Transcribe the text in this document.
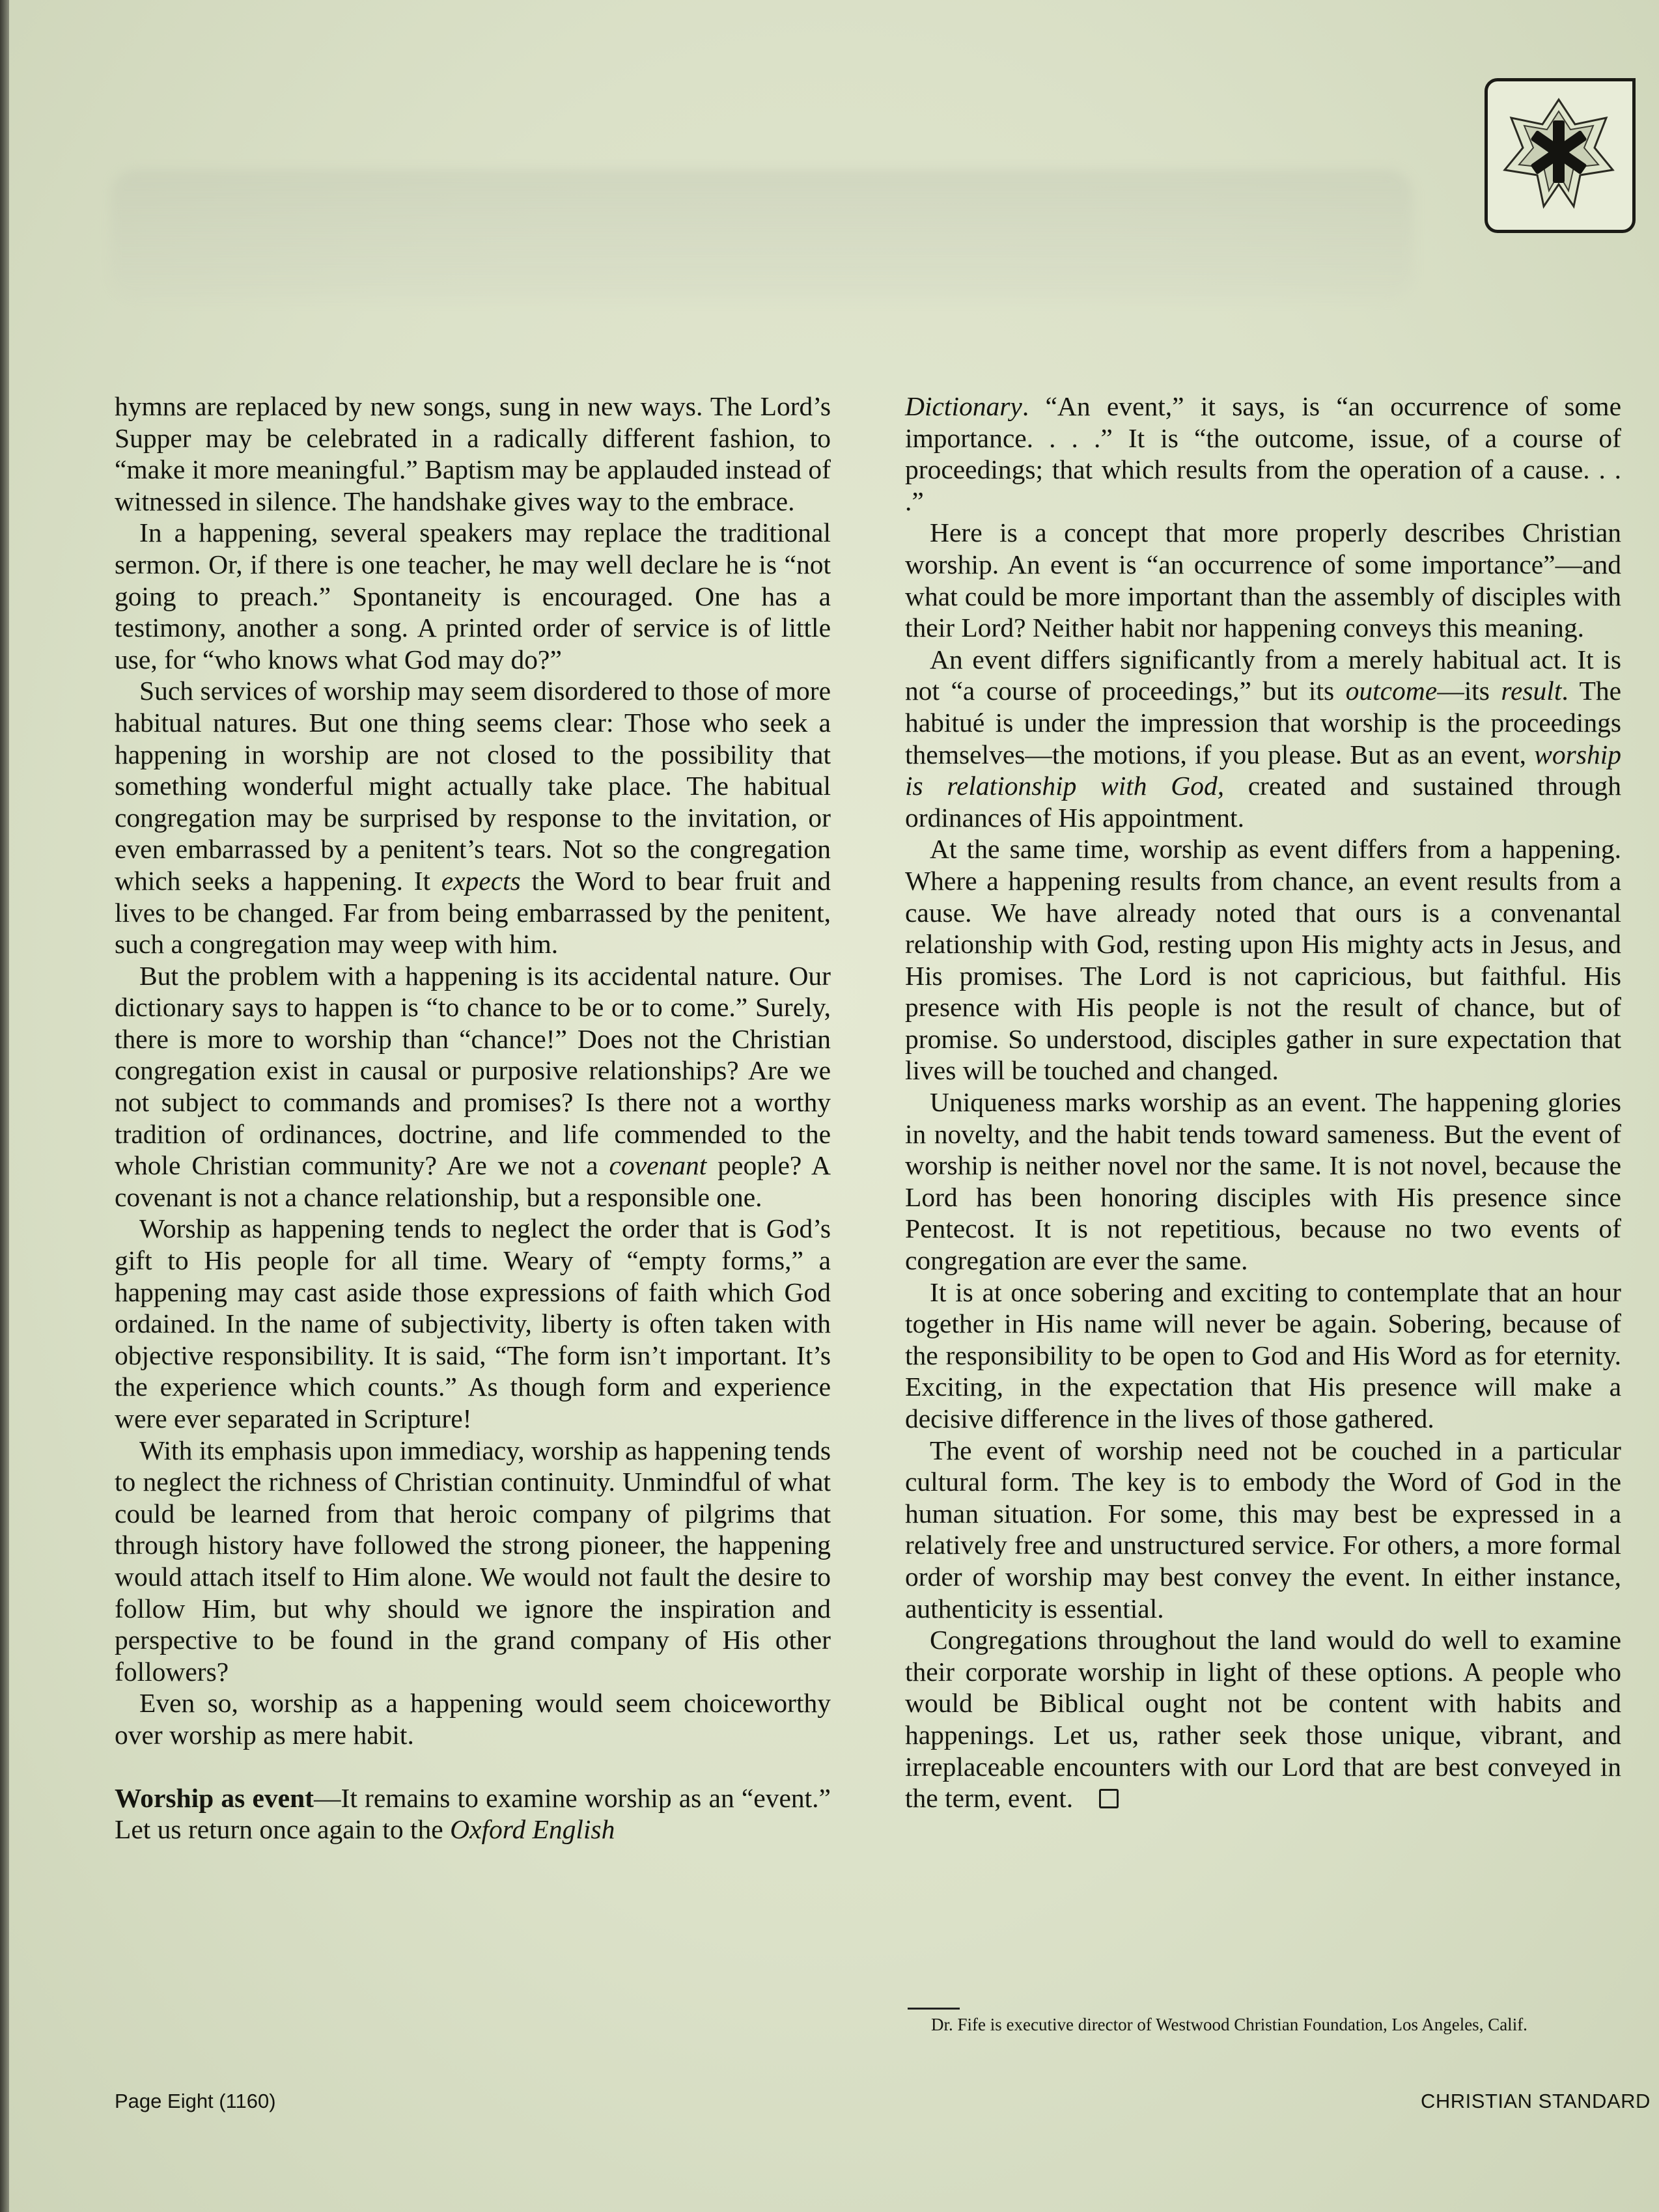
hymns are replaced by new songs, sung in new ways. The Lord’s Supper may be celebrated in a radically different fashion, to “make it more meaningful.” Baptism may be applauded instead of witnessed in silence. The handshake gives way to the embrace.

In a happening, several speakers may replace the traditional sermon. Or, if there is one teacher, he may well declare he is “not going to preach.” Spontaneity is encouraged. One has a testimony, another a song. A printed order of service is of little use, for “who knows what God may do?”

Such services of worship may seem disordered to those of more habitual natures. But one thing seems clear: Those who seek a happening in worship are not closed to the possibility that something wonderful might actually take place. The habitual congregation may be surprised by response to the invitation, or even embarrassed by a penitent’s tears. Not so the congregation which seeks a happening. It expects the Word to bear fruit and lives to be changed. Far from being embarrassed by the penitent, such a congregation may weep with him.

But the problem with a happening is its accidental nature. Our dictionary says to happen is “to chance to be or to come.” Surely, there is more to worship than “chance!” Does not the Christian congregation exist in causal or purposive relationships? Are we not subject to commands and promises? Is there not a worthy tradition of ordinances, doctrine, and life commended to the whole Christian community? Are we not a covenant people? A covenant is not a chance relationship, but a responsible one.

Worship as happening tends to neglect the order that is God’s gift to His people for all time. Weary of “empty forms,” a happening may cast aside those expressions of faith which God ordained. In the name of subjectivity, liberty is often taken with objective responsibility. It is said, “The form isn’t important. It’s the experience which counts.” As though form and experience were ever separated in Scripture!

With its emphasis upon immediacy, worship as happening tends to neglect the richness of Christian continuity. Unmindful of what could be learned from that heroic company of pilgrims that through history have followed the strong pioneer, the happening would attach itself to Him alone. We would not fault the desire to follow Him, but why should we ignore the inspiration and perspective to be found in the grand company of His other followers?

Even so, worship as a happening would seem choiceworthy over worship as mere habit.

Worship as event—It remains to examine worship as an “event.” Let us return once again to the Oxford English

Dictionary. “An event,” it says, is “an occurrence of some importance. . . .” It is “the outcome, issue, of a course of proceedings; that which results from the operation of a cause. . . .”

Here is a concept that more properly describes Christian worship. An event is “an occurrence of some importance”—and what could be more important than the assembly of disciples with their Lord? Neither habit nor happening conveys this meaning.

An event differs significantly from a merely habitual act. It is not “a course of proceedings,” but its outcome—its result. The habitué is under the impression that worship is the proceedings themselves—the motions, if you please. But as an event, worship is relationship with God, created and sustained through ordinances of His appointment.

At the same time, worship as event differs from a happening. Where a happening results from chance, an event results from a cause. We have already noted that ours is a convenantal relationship with God, resting upon His mighty acts in Jesus, and His promises. The Lord is not capricious, but faithful. His presence with His people is not the result of chance, but of promise. So understood, disciples gather in sure expectation that lives will be touched and changed.

Uniqueness marks worship as an event. The happening glories in novelty, and the habit tends toward sameness. But the event of worship is neither novel nor the same. It is not novel, because the Lord has been honoring disciples with His presence since Pentecost. It is not repetitious, because no two events of congregation are ever the same.

It is at once sobering and exciting to contemplate that an hour together in His name will never be again. Sobering, because of the responsibility to be open to God and His Word as for eternity. Exciting, in the expectation that His presence will make a decisive difference in the lives of those gathered.

The event of worship need not be couched in a particular cultural form. The key is to embody the Word of God in the human situation. For some, this may best be expressed in a relatively free and unstructured service. For others, a more formal order of worship may best convey the event. In either instance, authenticity is essential.

Congregations throughout the land would do well to examine their corporate worship in light of these options. A people who would be Biblical ought not be content with habits and happenings. Let us, rather seek those unique, vibrant, and irreplaceable encounters with our Lord that are best conveyed in the term, event.

Dr. Fife is executive director of Westwood Christian Foundation, Los Angeles, Calif.
Page Eight (1160)	CHRISTIAN STANDARD
